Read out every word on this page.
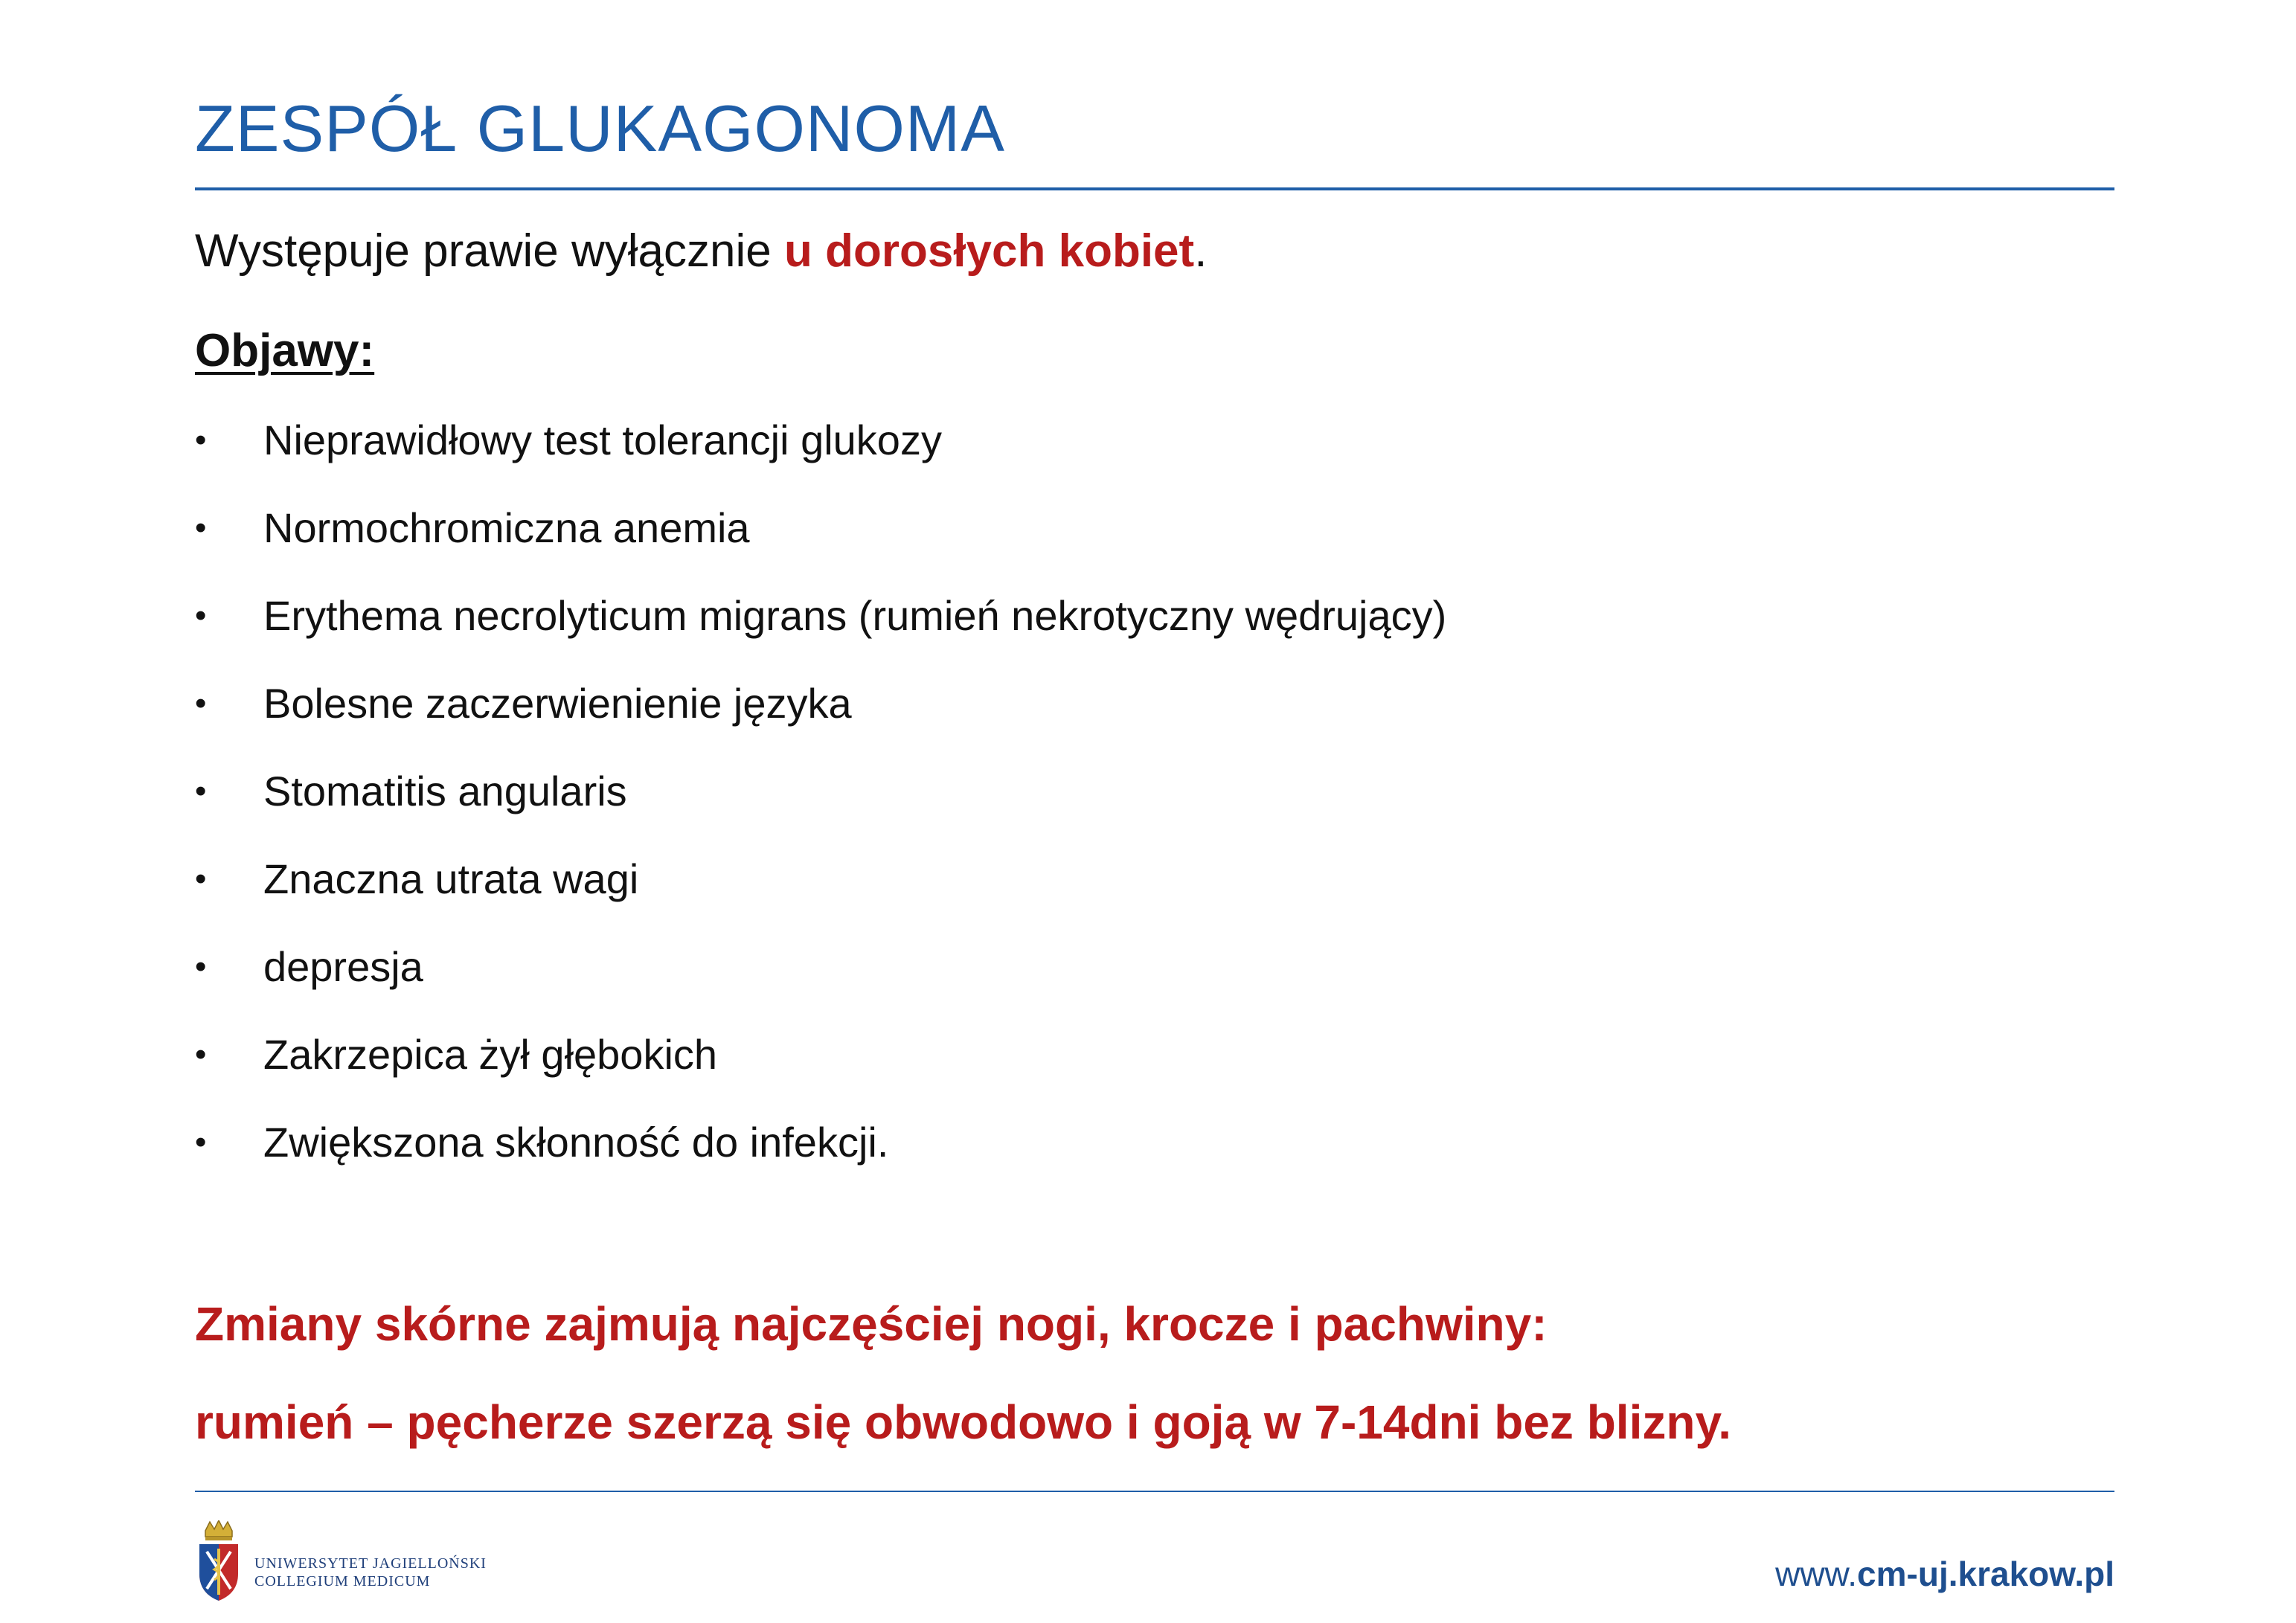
ZESPÓŁ GLUKAGONOMA

Występuje prawie wyłącznie u dorosłych kobiet.

Objawy:
•	Nieprawidłowy test tolerancji glukozy
•	Normochromiczna anemia
•	Erythema necrolyticum migrans (rumień nekrotyczny wędrujący)
•	Bolesne zaczerwienienie języka
•	Stomatitis angularis
•	Znaczna utrata wagi
•	depresja
•	Zakrzepica żył głębokich
•	Zwiększona skłonność do infekcji.

Zmiany skórne zajmują najczęściej nogi, krocze i pachwiny:

rumień – pęcherze szerzą się obwodowo i goją w 7-14dni bez blizny.

UNIWERSYTET JAGIELLOŃSKI
COLLEGIUM MEDICUM	www.cm-uj.krakow.pl
